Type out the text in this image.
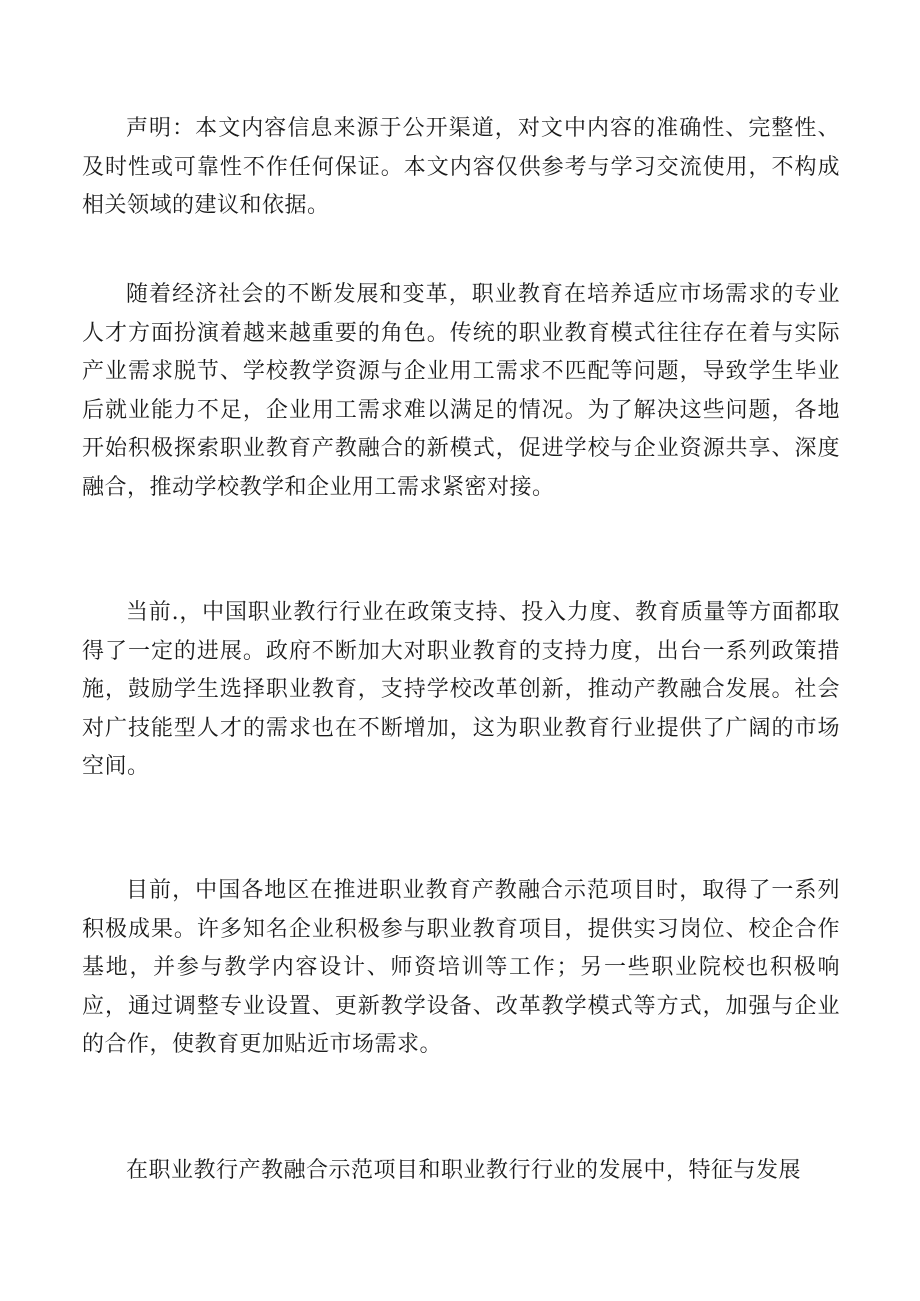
声明：本文内容信息来源于公开渠道，对文中内容的准确性、完整性、及时性或可靠性不作任何保证。本文内容仅供参考与学习交流使用，不构成相关领域的建议和依据。

随着经济社会的不断发展和变革，职业教育在培养适应市场需求的专业人才方面扮演着越来越重要的角色。传统的职业教育模式往往存在着与实际产业需求脱节、学校教学资源与企业用工需求不匹配等问题，导致学生毕业后就业能力不足，企业用工需求难以满足的情况。为了解决这些问题，各地开始积极探索职业教育产教融合的新模式，促进学校与企业资源共享、深度融合，推动学校教学和企业用工需求紧密对接。

当前.，中国职业教行行业在政策支持、投入力度、教育质量等方面都取得了一定的进展。政府不断加大对职业教育的支持力度，出台一系列政策措施，鼓励学生选择职业教育，支持学校改革创新，推动产教融合发展。社会对广技能型人才的需求也在不断增加，这为职业教育行业提供了广阔的市场空间。

目前，中国各地区在推进职业教育产教融合示范项目时，取得了一系列积极成果。许多知名企业积极参与职业教育项目，提供实习岗位、校企合作基地，并参与教学内容设计、师资培训等工作；另一些职业院校也积极响应，通过调整专业设置、更新教学设备、改革教学模式等方式，加强与企业的合作，使教育更加贴近市场需求。

在职业教行产教融合示范项目和职业教行行业的发展中，特征与发展
